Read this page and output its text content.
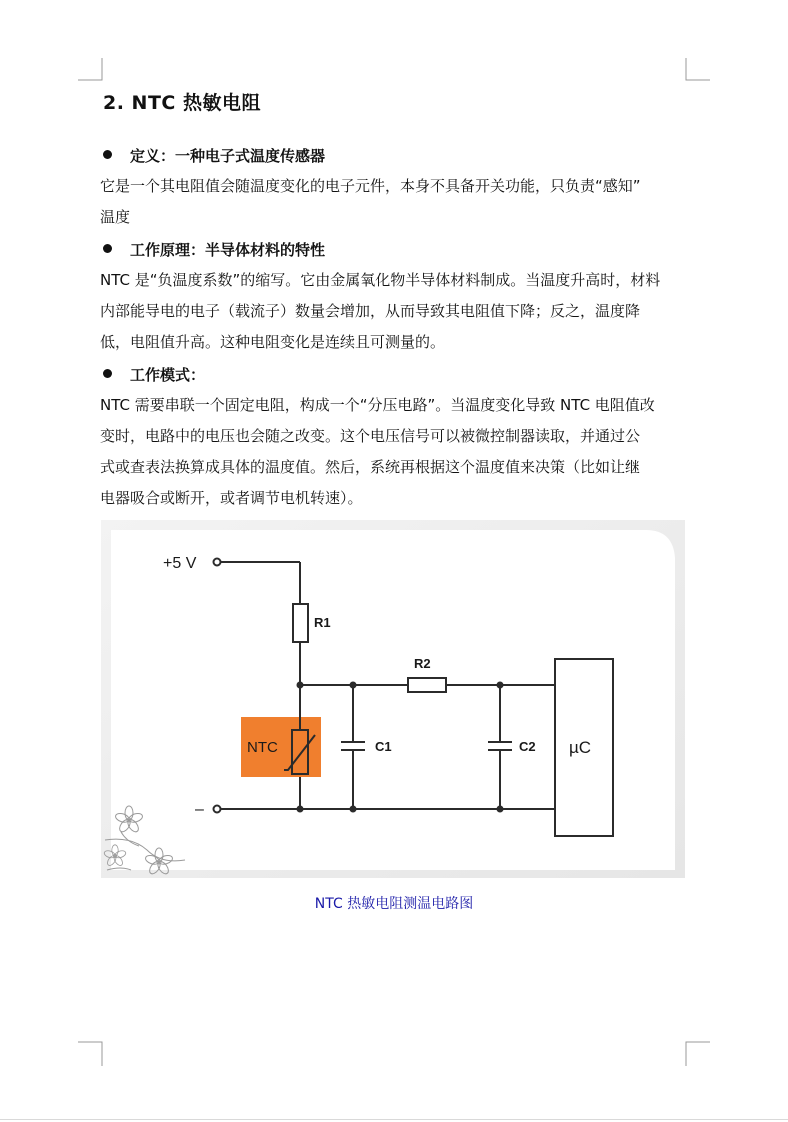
2. NTC 热敏电阻
定义：一种电子式温度传感器
它是一个其电阻值会随温度变化的电子元件，本身不具备开关功能，只负责“感知”
温度
工作原理：半导体材料的特性
NTC 是“负温度系数”的缩写。它由金属氧化物半导体材料制成。当温度升高时，材料
内部能导电的电子（载流子）数量会增加，从而导致其电阻值下降；反之，温度降
低，电阻值升高。这种电阻变化是连续且可测量的。
工作模式：
NTC 需要串联一个固定电阻，构成一个“分压电路”。当温度变化导致 NTC 电阻值改
变时，电路中的电压也会随之改变。这个电压信号可以被微控制器读取，并通过公
式或查表法换算成具体的温度值。然后，系统再根据这个温度值来决策（比如让继
电器吸合或断开，或者调节电机转速）。
NTC	µC
+5 V
–
R1
R2
C1	C2
NTC 热敏电阻测温电路图
